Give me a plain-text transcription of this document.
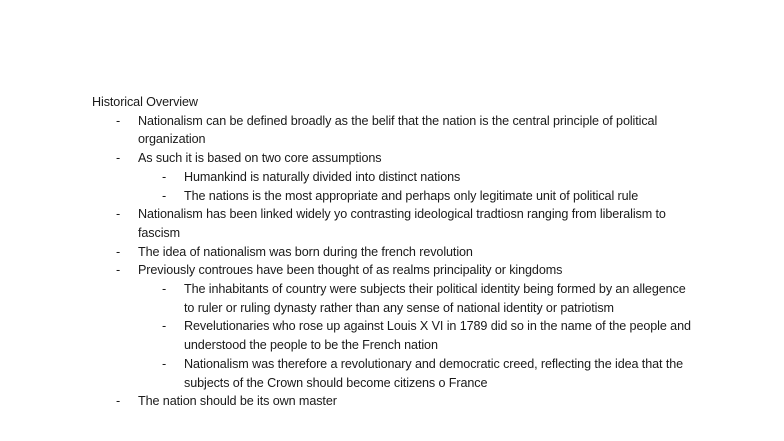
Historical Overview
- Nationalism can be defined broadly as the belif that the nation is the central principle of political organization
- As such it is based on two core assumptions
- Humankind is naturally divided into distinct nations
- The nations is the most appropriate and perhaps only legitimate unit of political rule
- Nationalism has been linked widely yo contrasting ideological tradtiosn ranging from liberalism to fascism
- The idea of nationalism was born during the french revolution
- Previously controues have been thought of as realms principality or kingdoms
- The inhabitants of country were subjects their political identity being formed by an allegence to ruler or ruling dynasty rather than any sense of national identity or patriotism
- Revelutionaries who rose up against Louis X VI in 1789 did so in the name of the people and understood the people to be the French nation
- Nationalism was therefore a revolutionary and democratic creed, reflecting the idea that the subjects of the Crown should become citizens o France
- The nation should be its own master
